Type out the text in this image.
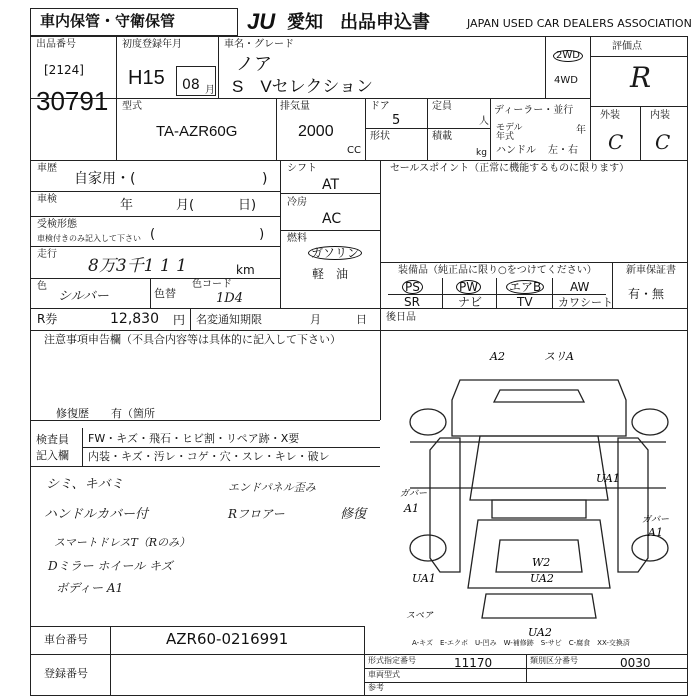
車内保管・守衛保管	JU 愛知 出品申込書	JAPAN USED CAR DEALERS ASSOCIATION
出品番号
[2124]
30791
初度登録年月
H15 08 月
車名・グレード
ノア
S　Vセレクション
2WD
4WD
評価点
R
外装	内装
C C
型式
TA-AZR60G
排気量
2000
CC
ドア
5
形状
定員
人
積載
kg
ディーラー・並行
モデル年式
年
ハンドル 左・右
車歴
自家用・(	)
車検	年	月(	日)
受検形態
車検付きのみ記入して下さい (　　　　　　　　)
走行
8万3千1 1 1	km
色
シルバー	色替
色コード
1D4
シフト
AT
冷房
AC
燃料
ガソリン
軽　油
セールスポイント（正常に機能するものに限ります）
装備品（純正品に限り○をつけてください）	新車保証書
有・無
PS	PW	エアB AW
SR	ナビ	TV カワシート
R券	12,830 円 名変通知期限	月	日 後日品
注意事項申告欄（不具合内容等は具体的に記入して下さい）
修復歴　　有（箇所
検査員
記入欄
FW・キズ・飛石・ヒビ割・リペア跡・X要
内装・キズ・汚レ・コゲ・穴・スレ・キレ・破レ
シミ、キバミ	エンドパネル歪み
ハンドルカバー付	Rフロアー	修復
スマートドレスT（Rのみ）
Dミラー ホイール キズ
ボディー A1
A2	スリA
UA1
ガバー
A1
ガバー
A1
UA1
W2
UA2
スペア
UA2
A-キズ　E-エクボ　U-凹み　W-補修跡　S-サビ　C-腐食　XX-交換済
車台番号	AZR60-0216991
登録番号
形式指定番号	11170	類別区分番号	0030
車両型式
参考
